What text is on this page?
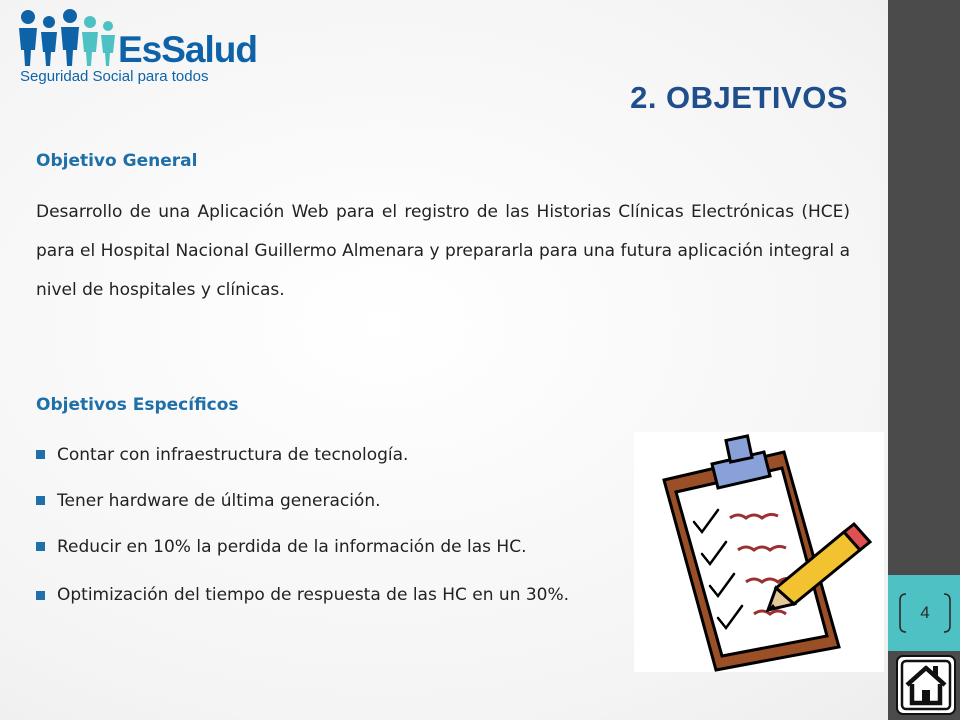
EsSalud
Seguridad Social para todos
2. OBJETIVOS
Objetivo General

Desarrollo de una Aplicación Web para el registro de las Historias Clínicas Electrónicas (HCE) para el Hospital Nacional Guillermo Almenara y prepararla para una futura aplicación integral a nivel de hospitales y clínicas.

Objetivos Específicos
Contar con infraestructura de tecnología.
Tener hardware de última generación.
Reducir en 10% la perdida de la información de las HC.
Optimización del tiempo de respuesta de las HC en un 30%.
4
